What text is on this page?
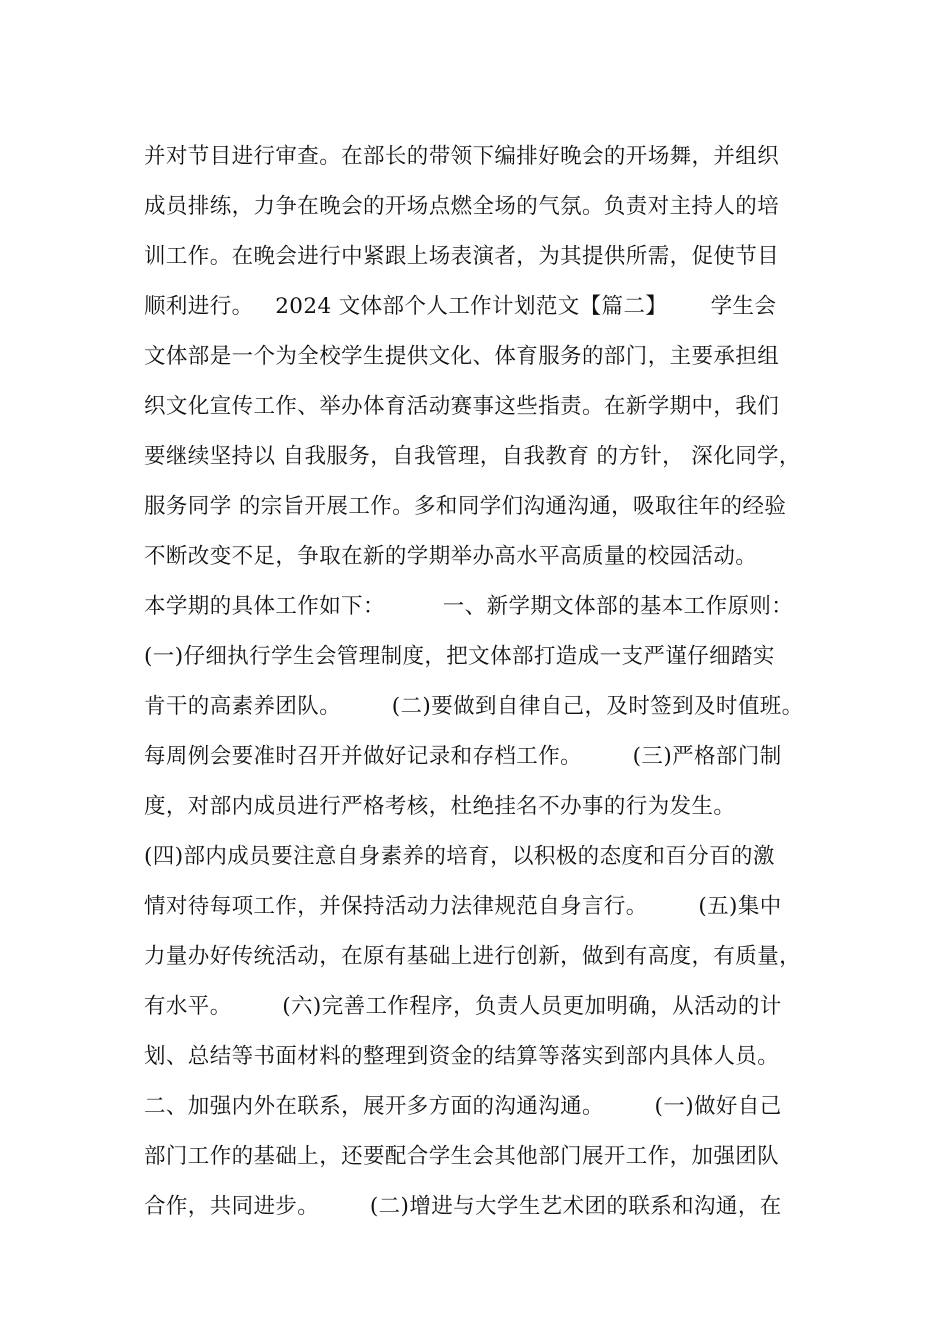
并对节目进行审查。在部长的带领下编排好晚会的开场舞，并组织
成员排练，力争在晚会的开场点燃全场的气氛。负责对主持人的培
训工作。在晚会进行中紧跟上场表演者，为其提供所需，促使节目
顺利进行。   2024 文体部个人工作计划范文【篇二】      学生会
文体部是一个为全校学生提供文化、体育服务的部门，主要承担组
织文化宣传工作、举办体育活动赛事这些指责。在新学期中，我们
要继续坚持以 自我服务，自我管理，自我教育 的方针， 深化同学，
服务同学 的宗旨开展工作。多和同学们沟通沟通，吸取往年的经验
不断改变不足，争取在新的学期举办高水平高质量的校园活动。
本学期的具体工作如下：        一、新学期文体部的基本工作原则：
(一)仔细执行学生会管理制度，把文体部打造成一支严谨仔细踏实
肯干的高素养团队。       (二)要做到自律自己，及时签到及时值班。
每周例会要准时召开并做好记录和存档工作。       (三)严格部门制
度，对部内成员进行严格考核，杜绝挂名不办事的行为发生。
(四)部内成员要注意自身素养的培育，以积极的态度和百分百的激
情对待每项工作，并保持活动力法律规范自身言行。       (五)集中
力量办好传统活动，在原有基础上进行创新，做到有高度，有质量，
有水平。       (六)完善工作程序，负责人员更加明确，从活动的计
划、总结等书面材料的整理到资金的结算等落实到部内具体人员。
二、加强内外在联系，展开多方面的沟通沟通。       (一)做好自己
部门工作的基础上，还要配合学生会其他部门展开工作，加强团队
合作，共同进步。       (二)增进与大学生艺术团的联系和沟通，在
